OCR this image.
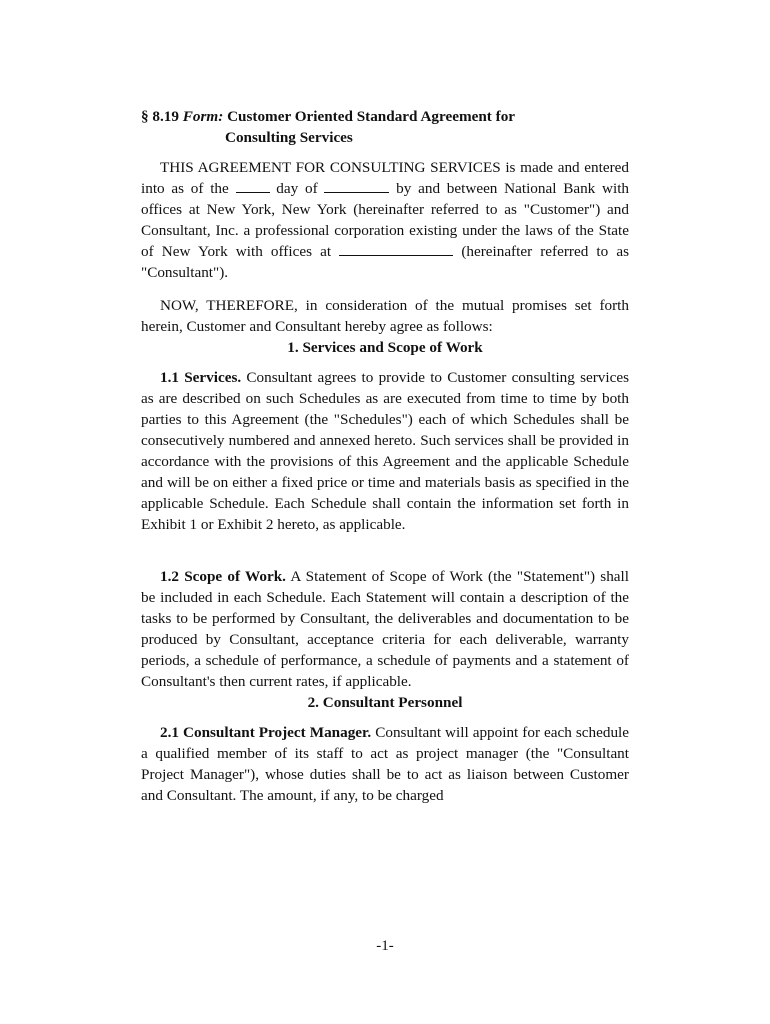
§ 8.19 Form: Customer Oriented Standard Agreement for
Consulting Services

THIS AGREEMENT FOR CONSULTING SERVICES is made and entered into as of the	day of	by and between National Bank with offices at New York, New York (hereinafter referred to as "Customer") and Consultant, Inc. a professional corporation existing under the laws of the State of New York with offices at	(hereinafter referred to as "Consultant").

NOW, THEREFORE, in consideration of the mutual promises set forth herein, Customer and Consultant hereby agree as follows:

1. Services and Scope of Work

1.1 Services. Consultant agrees to provide to Customer consulting services as are described on such Schedules as are executed from time to time by both parties to this Agreement (the "Schedules") each of which Schedules shall be consecutively numbered and annexed hereto. Such services shall be provided in accordance with the provisions of this Agreement and the applicable Schedule and will be on either a fixed price or time and materials basis as specified in the applicable Schedule. Each Schedule shall contain the information set forth in Exhibit 1 or Exhibit 2 hereto, as applicable.

1.2 Scope of Work. A Statement of Scope of Work (the "Statement") shall be included in each Schedule. Each Statement will contain a description of the tasks to be performed by Consultant, the deliverables and documentation to be produced by Consultant, acceptance criteria for each deliverable, warranty periods, a schedule of performance, a schedule of payments and a statement of Consultant's then current rates, if applicable.

2. Consultant Personnel

2.1 Consultant Project Manager. Consultant will appoint for each schedule a qualified member of its staff to act as project manager (the "Consultant Project Manager"), whose duties shall be to act as liaison between Customer and Consultant. The amount, if any, to be charged

-1-
